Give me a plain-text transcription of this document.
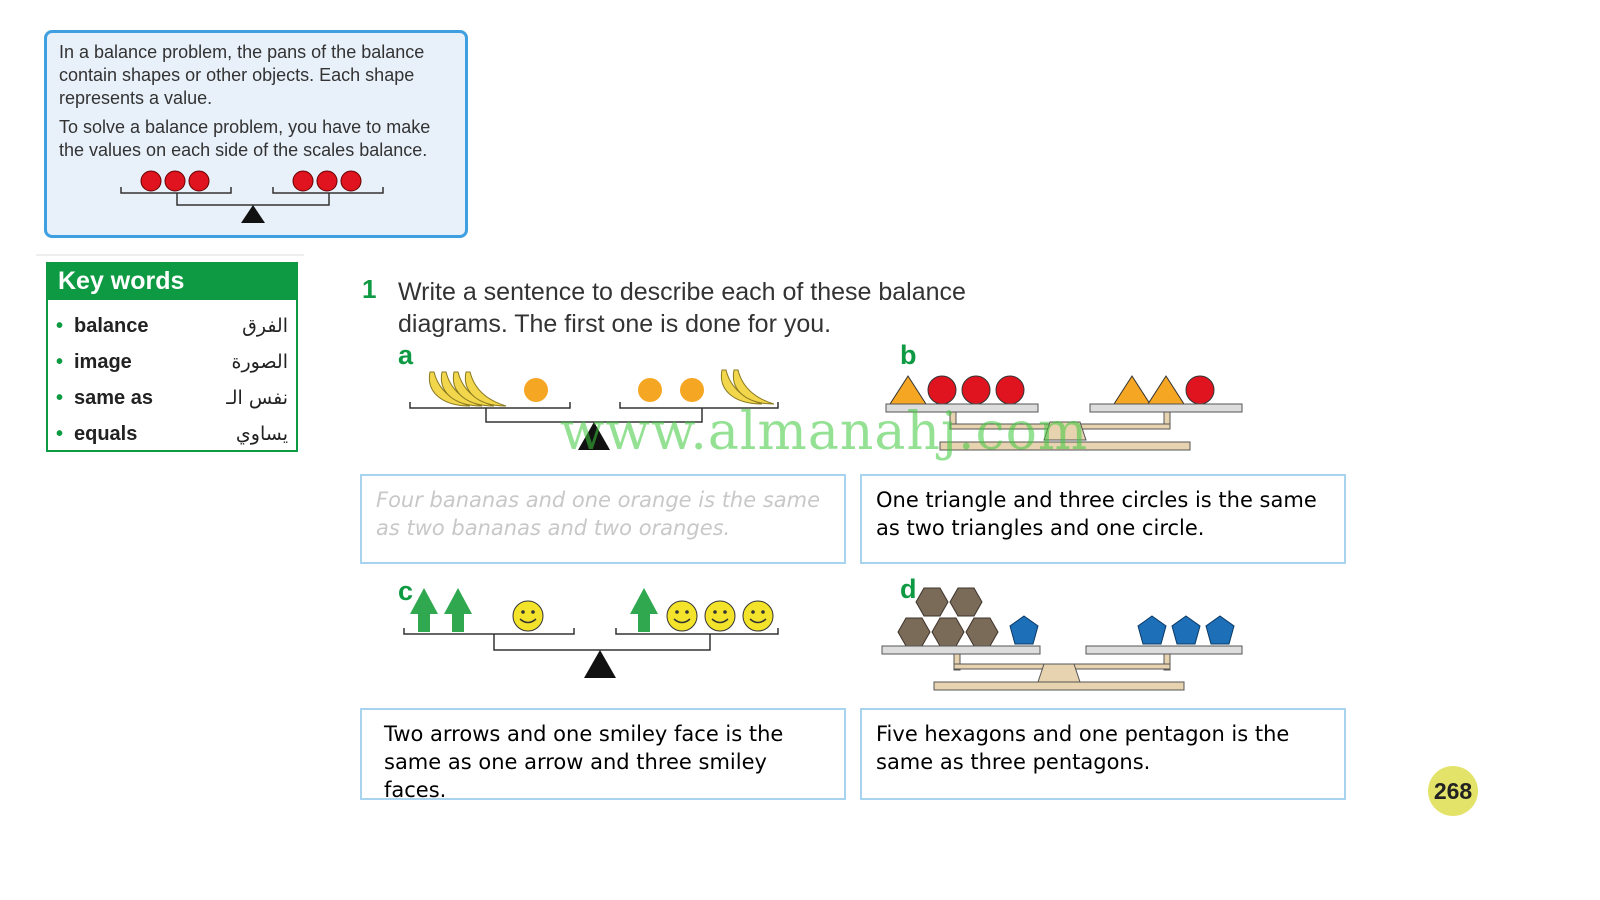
In a balance problem, the pans of the balance contain shapes or other objects. Each shape represents a value.

To solve a balance problem, you have to make the values on each side of the scales balance.

Key words
• balance	الفرق
• image	الصورة
• same as	نفس الـ
• equals	يساوي
1 Write a sentence to describe each of these balance diagrams. The first one is done for you.
a	b
c	d
Four bananas and one orange is the same as two bananas and two oranges.
One triangle and three circles is the same as two triangles and one circle.
Two arrows and one smiley face is the same as one arrow and three smiley faces.
Five hexagons and one pentagon is the same as three pentagons.
www.almanahj.com
268
